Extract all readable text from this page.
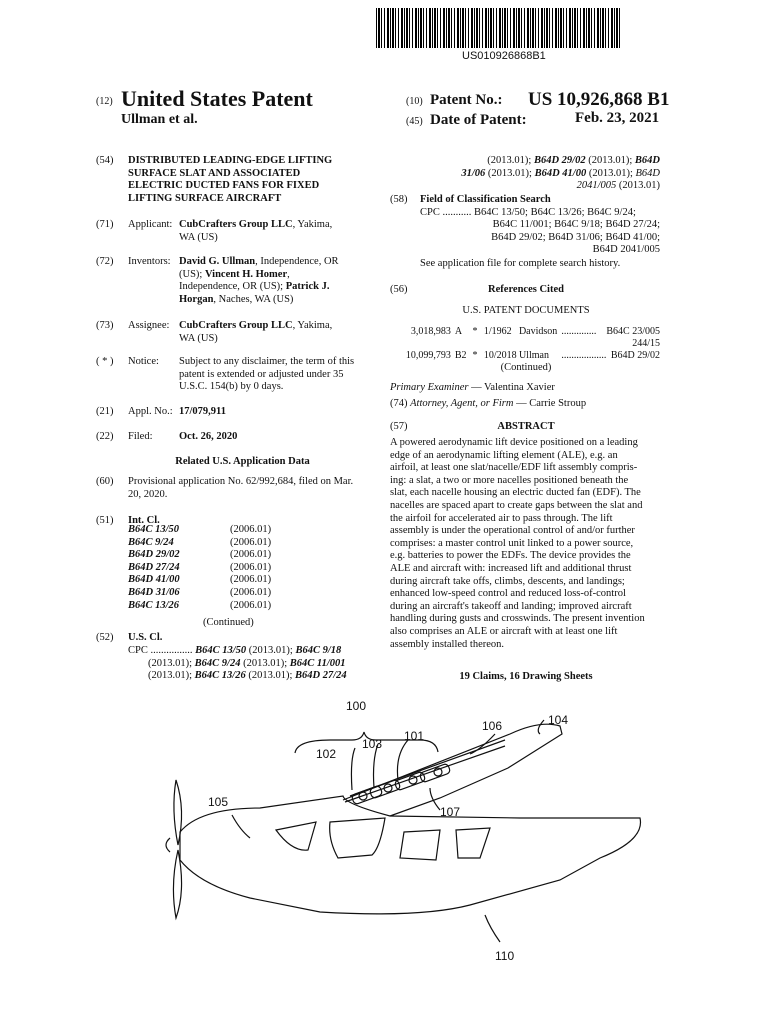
US010926868B1
(12) United States Patent
Ullman et al.
(10) Patent No.: US 10,926,868 B1
(45) Date of Patent:	Feb. 23, 2021
(54) DISTRIBUTED LEADING-EDGE LIFTING
SURFACE SLAT AND ASSOCIATED
ELECTRIC DUCTED FANS FOR FIXED
LIFTING SURFACE AIRCRAFT
(71) Applicant: CubCrafters Group LLC, Yakima,
WA (US)
(72) Inventors: David G. Ullman, Independence, OR
(US); Vincent H. Homer,
Independence, OR (US); Patrick J.
Horgan, Naches, WA (US)
(73) Assignee: CubCrafters Group LLC, Yakima,
WA (US)
( * ) Notice: Subject to any disclaimer, the term of this
patent is extended or adjusted under 35
U.S.C. 154(b) by 0 days.
(21) Appl. No.: 17/079,911
(22) Filed:	Oct. 26, 2020
Related U.S. Application Data
(60) Provisional application No. 62/992,684, filed on Mar.
20, 2020.
(51) Int. Cl.
B64C 13/50	(2006.01)
B64C 9/24	(2006.01)
B64D 29/02	(2006.01)
B64D 27/24	(2006.01)
B64D 41/00	(2006.01)
B64D 31/06	(2006.01)
B64C 13/26	(2006.01)
(Continued)
(52) U.S. Cl.
CPC ................ B64C 13/50 (2013.01); B64C 9/18
(2013.01); B64C 9/24 (2013.01); B64C 11/001
(2013.01); B64C 13/26 (2013.01); B64D 27/24
(2013.01); B64D 29/02 (2013.01); B64D
31/06 (2013.01); B64D 41/00 (2013.01); B64D
2041/005 (2013.01)
(58) Field of Classification Search
CPC ........... B64C 13/50; B64C 13/26; B64C 9/24;
B64C 11/001; B64C 9/18; B64D 27/24;
B64D 29/02; B64D 31/06; B64D 41/00;
B64D 2041/005
See application file for complete search history.
(56)	References Cited
U.S. PATENT DOCUMENTS
3,018,983	A	*	1/1962	Davidson	..............	B64C 23/005
						244/15
10,099,793	B2	*	10/2018	Ullman	..................	B64D 29/02
(Continued)
Primary Examiner — Valentina Xavier
(74) Attorney, Agent, or Firm — Carrie Stroup
(57)	ABSTRACT
A powered aerodynamic lift device positioned on a leading
edge of an aerodynamic lifting element (ALE), e.g. an
airfoil, at least one slat/nacelle/EDF lift assembly compris-
ing: a slat, a two or more nacelles positioned beneath the
slat, each nacelle housing an electric ducted fan (EDF). The
nacelles are spaced apart to create gaps between the slat and
the airfoil for accelerated air to pass through. The lift
assembly is under the operational control of and/or further
comprises: a master control unit linked to a power source,
e.g. batteries to power the EDFs. The device provides the
ALE and aircraft with: increased lift and additional thrust
during aircraft take offs, climbs, descents, and landings;
enhanced low-speed control and reduced loss-of-control
during an aircraft's takeoff and landing; improved aircraft
handling during gusts and crosswinds. The present invention
also comprises an ALE or aircraft with at least one lift
assembly installed thereon.
19 Claims, 16 Drawing Sheets
100
101
102
103
104
105
106
107
110
